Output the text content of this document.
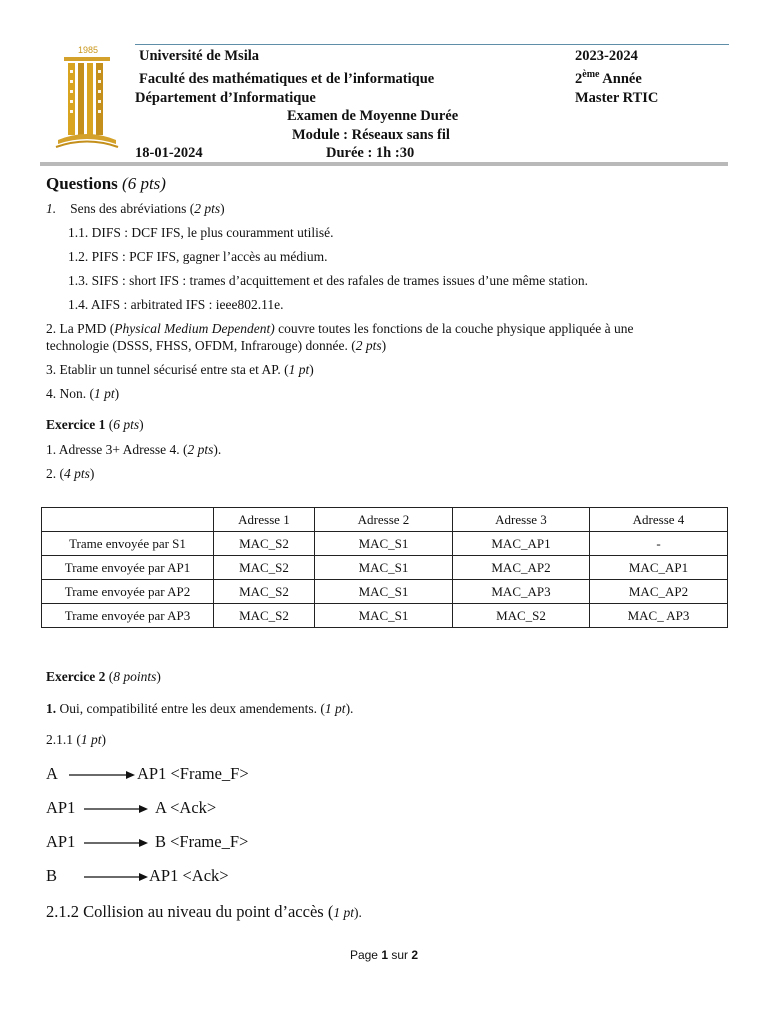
1985	Université de Msila
Faculté des mathématiques et de l’informatique
Département d’Informatique
2023-2024
2ème Année
Master RTIC
Examen de Moyenne Durée
Module : Réseaux sans fil
18-01-2024	Durée : 1h :30
Questions (6 pts)
1. Sens des abréviations (2 pts)
1.1. DIFS : DCF IFS, le plus couramment utilisé.
1.2. PIFS : PCF IFS, gagner l’accès au médium.
1.3. SIFS : short IFS : trames d’acquittement et des rafales de trames issues d’une même station.
1.4. AIFS : arbitrated IFS : ieee802.11e.
2. La PMD (Physical Medium Dependent) couvre toutes les fonctions de la couche physique appliquée à une
technologie (DSSS, FHSS, OFDM, Infrarouge) donnée. (2 pts)
3. Etablir un tunnel sécurisé entre sta et AP. (1 pt)
4. Non. (1 pt)
Exercice 1 (6 pts)
1. Adresse 3+ Adresse 4. (2 pts).
2. (4 pts)
	Adresse 1	Adresse 2	Adresse 3	Adresse 4
Trame envoyée par S1	MAC_S2	MAC_S1	MAC_AP1	-
Trame envoyée par AP1	MAC_S2	MAC_S1	MAC_AP2	MAC_AP1
Trame envoyée par AP2	MAC_S2	MAC_S1	MAC_AP3	MAC_AP2
Trame envoyée par AP3	MAC_S2	MAC_S1	MAC_S2	MAC_ AP3
Exercice 2 (8 points)
1. Oui, compatibilité entre les deux amendements. (1 pt).
2.1.1 (1 pt)
A	AP1 <Frame_F>
AP1	A <Ack>
AP1	B <Frame_F>
B	AP1 <Ack>
2.1.2 Collision au niveau du point d’accès (1 pt).
Page 1 sur 2
